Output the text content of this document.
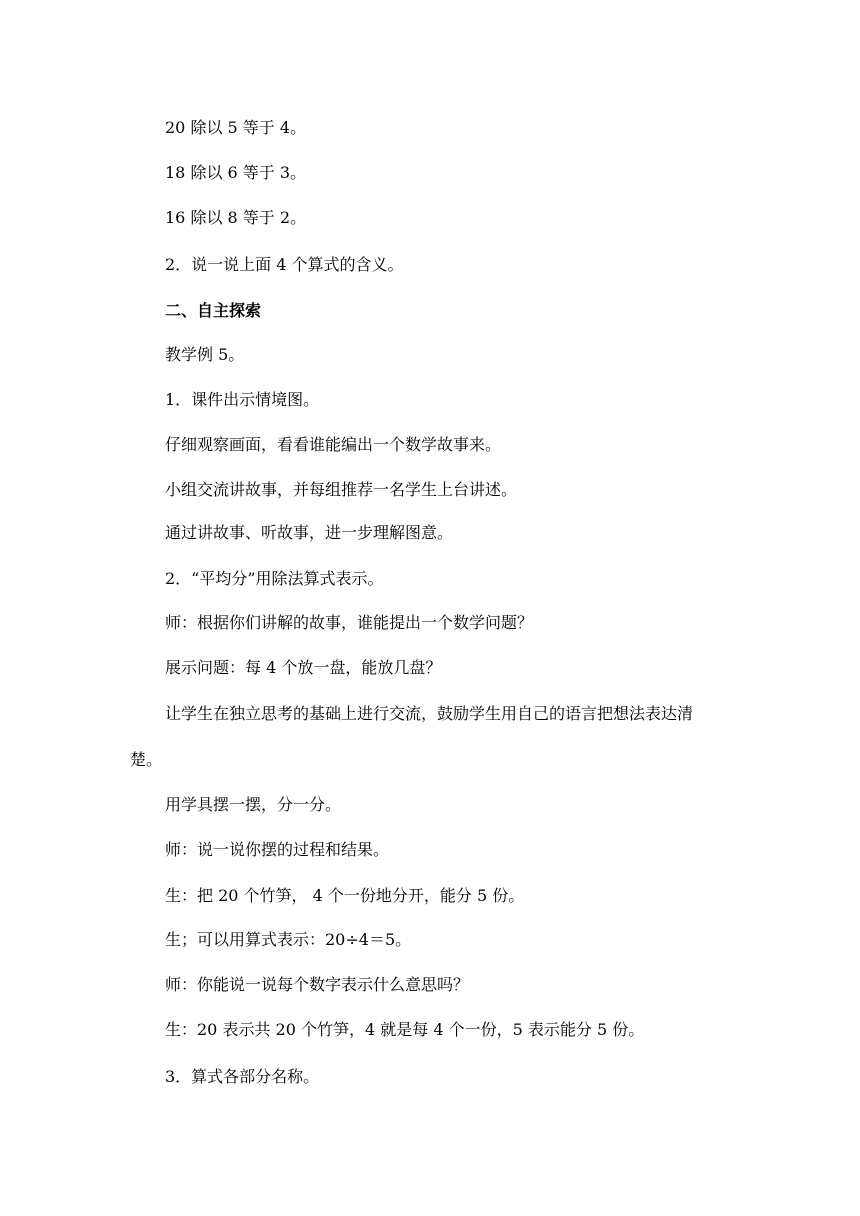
20 除以 5 等于 4。
18 除以 6 等于 3。
16 除以 8 等于 2。
2．说一说上面 4 个算式的含义。
二、自主探索
教学例 5。
1．课件出示情境图。
仔细观察画面，看看谁能编出一个数学故事来。
小组交流讲故事，并每组推荐一名学生上台讲述。
通过讲故事、听故事，进一步理解图意。
2．“平均分”用除法算式表示。
师：根据你们讲解的故事，谁能提出一个数学问题？
展示问题：每 4 个放一盘，能放几盘？
让学生在独立思考的基础上进行交流，鼓励学生用自己的语言把想法表达清
楚。
用学具摆一摆，分一分。
师：说一说你摆的过程和结果。
生：把 20 个竹笋， 4 个一份地分开，能分 5 份。
生；可以用算式表示：20÷4＝5。
师：你能说一说每个数字表示什么意思吗？
生：20 表示共 20 个竹笋，4 就是每 4 个一份，5 表示能分 5 份。
3．算式各部分名称。
